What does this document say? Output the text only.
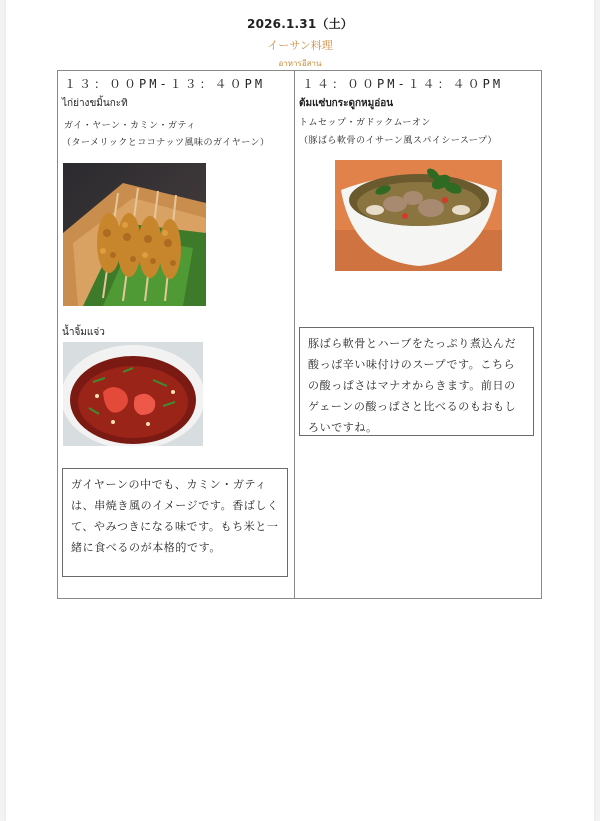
2026.1.31（土）
イーサン料理
อาหารอีสาน
１３：００PM-１３：４０PM
ไก่ย่างขมิ้นกะทิ
ガイ・ヤーン・カミン・ガティ
（ターメリックとココナッツ風味のガイヤーン）
น้ำจิ้มแจ่ว
ガイヤーンの中でも、カミン・ガティは、串焼き風のイメージです。香ばしくて、やみつきになる味です。もち米と一緒に食べるのが本格的です。
１４：００PM-１４：４０PM
ต้มแซ่บกระดูกหมูอ่อน
トムセップ・ガドックムーオン
（豚ばら軟骨のイサーン風スパイシースープ）
豚ばら軟骨とハーブをたっぷり煮込んだ酸っぱ辛い味付けのスープです。こちらの酸っぱさはマナオからきます。前日のゲェーンの酸っぱさと比べるのもおもしろいですね。
